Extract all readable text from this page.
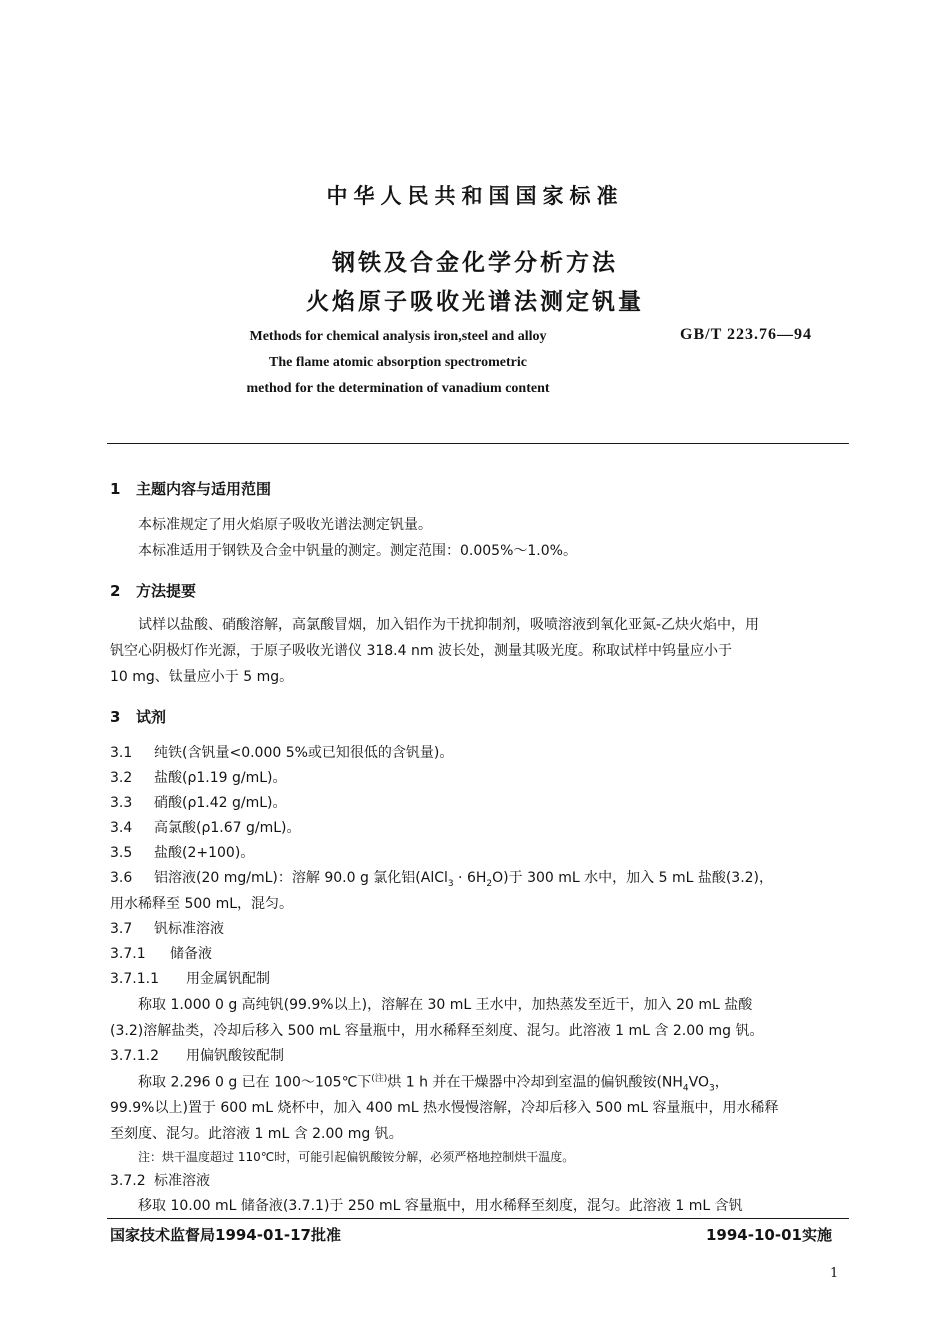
中华人民共和国国家标准
钢铁及合金化学分析方法
火焰原子吸收光谱法测定钒量
Methods for chemical analysis iron,steel and alloy
The flame atomic absorption spectrometric
method for the determination of vanadium content
GB/T 223.76—94
1 主题内容与适用范围
本标准规定了用火焰原子吸收光谱法测定钒量。
本标准适用于钢铁及合金中钒量的测定。测定范围：0.005%～1.0%。
2 方法提要
试样以盐酸、硝酸溶解，高氯酸冒烟，加入铝作为干扰抑制剂，吸喷溶液到氧化亚氮-乙炔火焰中，用
钒空心阴极灯作光源，于原子吸收光谱仪 318.4 nm 波长处，测量其吸光度。称取试样中钨量应小于
10 mg、钛量应小于 5 mg。
3 试剂
3.1 纯铁(含钒量<0.000 5%或已知很低的含钒量)。
3.2 盐酸(ρ1.19 g/mL)。
3.3 硝酸(ρ1.42 g/mL)。
3.4 高氯酸(ρ1.67 g/mL)。
3.5 盐酸(2+100)。
3.6 铝溶液(20 mg/mL)：溶解 90.0 g 氯化铝(AlCl$_3$ · $6H_2O$)于 300 mL 水中，加入 5 mL 盐酸(3.2)，
用水稀释至 500 mL，混匀。
3.7 钒标准溶液
3.7.1 储备液
3.7.1.1 用金属钒配制
称取 1.000 0 g 高纯钒(99.9%以上)，溶解在 30 mL 王水中，加热蒸发至近干，加入 20 mL 盐酸
(3.2)溶解盐类，冷却后移入 500 mL 容量瓶中，用水稀释至刻度、混匀。此溶液 1 mL 含 2.00 mg 钒。
3.7.1.2 用偏钒酸铵配制
称取 2.296 0 g 已在 100～105℃下$^{(注)}$烘 1 h 并在干燥器中冷却到室温的偏钒酸铵($NH_4VO_3$，
99.9%以上)置于 600 mL 烧杯中，加入 400 mL 热水慢慢溶解，冷却后移入 500 mL 容量瓶中，用水稀释
至刻度、混匀。此溶液 1 mL 含 2.00 mg 钒。
注：烘干温度超过 110℃时，可能引起偏钒酸铵分解，必须严格地控制烘干温度。
3.7.2 标准溶液
移取 10.00 mL 储备液(3.7.1)于 250 mL 容量瓶中，用水稀释至刻度，混匀。此溶液 1 mL 含钒
国家技术监督局1994-01-17批准	1994-10-01实施
1
